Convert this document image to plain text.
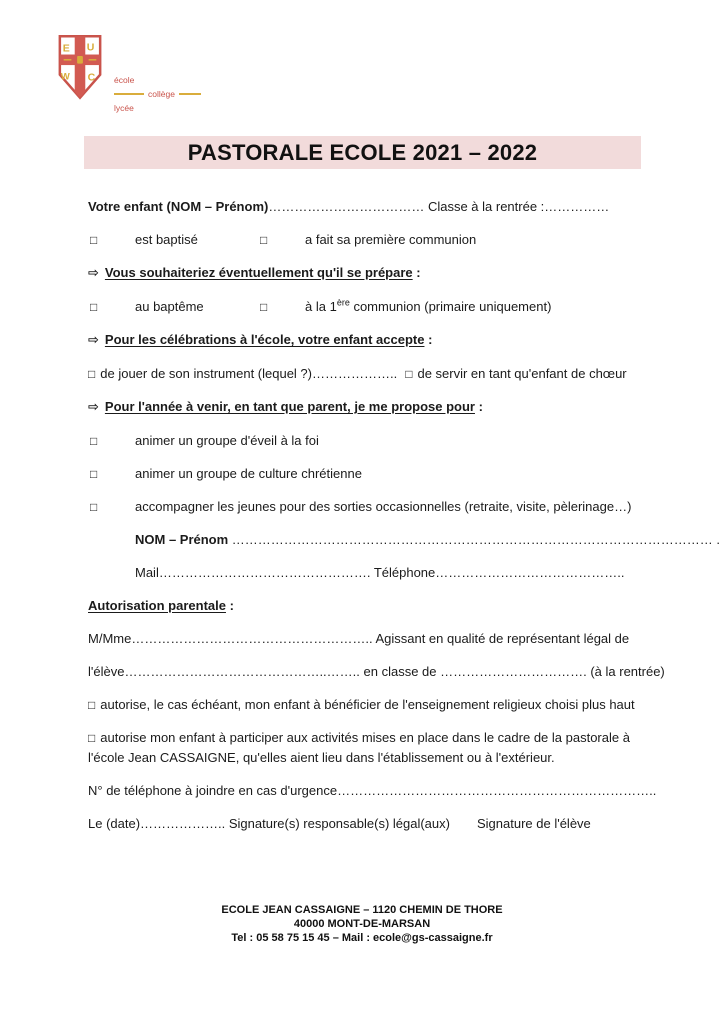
E U
W C école
collège
lycée
PASTORALE ECOLE 2021 – 2022
Votre enfant (NOM – Prénom)……………………………… Classe à la rentrée :……………
□	est baptisé	□	a fait sa première communion
⇨ Vous souhaiteriez éventuellement qu'il se prépare :
□	au baptême	□	à la 1ère communion (primaire uniquement)
⇨ Pour les célébrations à l'école, votre enfant accepte :
□ de jouer de son instrument (lequel ?)……………….. □ de servir en tant qu'enfant de chœur
⇨ Pour l'année à venir, en tant que parent, je me propose pour :
□	animer un groupe d'éveil à la foi
□	animer un groupe de culture chrétienne
□	accompagner les jeunes pour des sorties occasionnelles (retraite, visite, pèlerinage…)
NOM – Prénom ………………………………………………………………………………………………… .
Mail…………………………………………. Téléphone……………………………………..
Autorisation parentale :
M/Mme……………………………………………….. Agissant en qualité de représentant légal de
l'élève………………………………………..…….. en classe de ……………………………. (à la rentrée)
□ autorise, le cas échéant, mon enfant à bénéficier de l'enseignement religieux choisi plus haut
□ autorise mon enfant à participer aux activités mises en place dans le cadre de la pastorale à l'école Jean CASSAIGNE, qu'elles aient lieu dans l'établissement ou à l'extérieur.
N° de téléphone à joindre en cas d'urgence………………………………………………………………..
Le (date)……………….. Signature(s) responsable(s) légal(aux) Signature de l'élève
ECOLE JEAN CASSAIGNE – 1120 CHEMIN DE THORE
40000 MONT-DE-MARSAN
Tel : 05 58 75 15 45 – Mail : ecole@gs-cassaigne.fr
